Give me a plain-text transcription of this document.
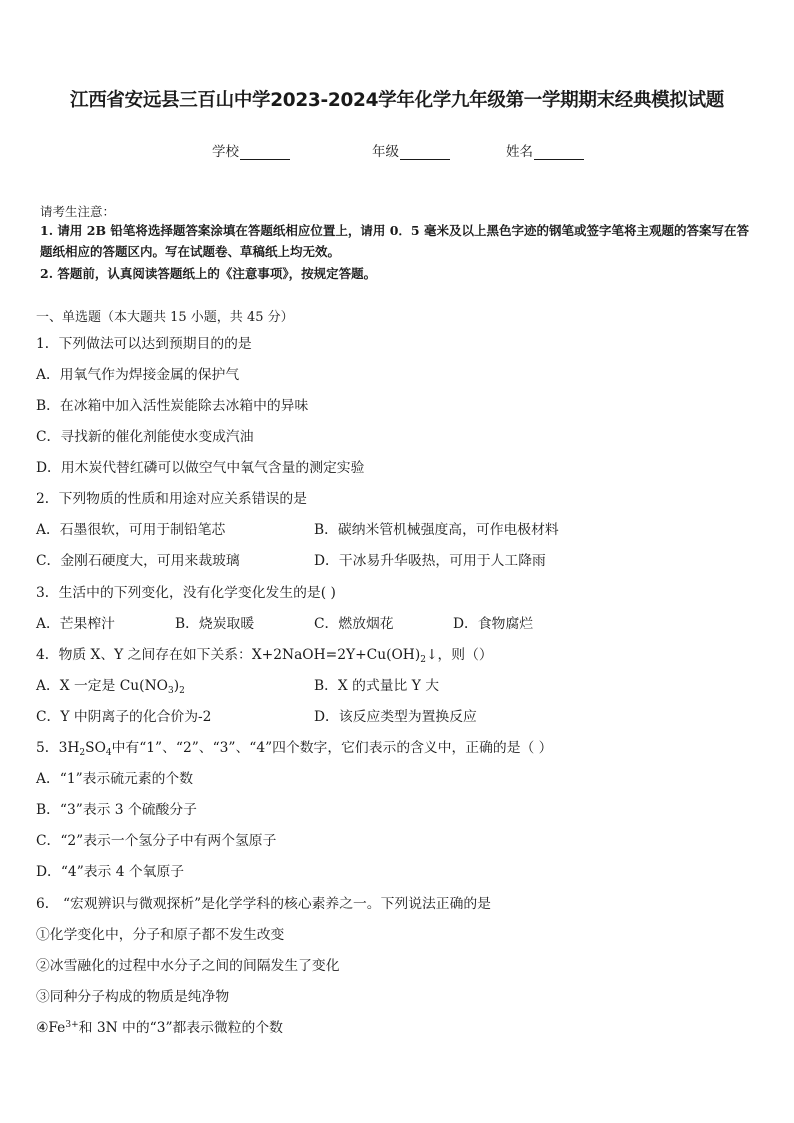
江西省安远县三百山中学2023-2024学年化学九年级第一学期期末经典模拟试题
学校	年级	姓名
请考生注意：
1. 请用 2B 铅笔将选择题答案涂填在答题纸相应位置上，请用 0．5 毫米及以上黑色字迹的钢笔或签字笔将主观题的答案写在答题纸相应的答题区内。写在试题卷、草稿纸上均无效。
2. 答题前，认真阅读答题纸上的《注意事项》，按规定答题。
一、单选题（本大题共 15 小题，共 45 分）
1．下列做法可以达到预期目的的是
A．用氧气作为焊接金属的保护气
B．在冰箱中加入活性炭能除去冰箱中的异味
C．寻找新的催化剂能使水变成汽油
D．用木炭代替红磷可以做空气中氧气含量的测定实验
2．下列物质的性质和用途对应关系错误的是
A．石墨很软，可用于制铅笔芯	B．碳纳米管机械强度高，可作电极材料
C．金刚石硬度大，可用来裁玻璃	D．干冰易升华吸热，可用于人工降雨
3．生活中的下列变化，没有化学变化发生的是( )
A．芒果榨汁	B．烧炭取暖	C．燃放烟花	D．食物腐烂
4．物质 X、Y 之间存在如下关系：$X+2NaOH=2Y+Cu(OH)_2↓$，则（）
A．X 一定是 $Cu(NO_3)_2$	B．X 的式量比 Y 大
C．Y 中阴离子的化合价为-2	D．该反应类型为置换反应
5．$3H_2SO_4$中有“1”、“2”、“3”、“4”四个数字，它们表示的含义中，正确的是（ ）
A．“1”表示硫元素的个数
B．“3”表示 3 个硫酸分子
C．“2”表示一个氢分子中有两个氢原子
D．“4”表示 4 个氧原子
6． “宏观辨识与微观探析”是化学学科的核心素养之一。下列说法正确的是
①化学变化中，分子和原子都不发生改变
②冰雪融化的过程中水分子之间的间隔发生了变化
③同种分子构成的物质是纯净物
$④Fe^{3+}$和 3N 中的“3”都表示微粒的个数
